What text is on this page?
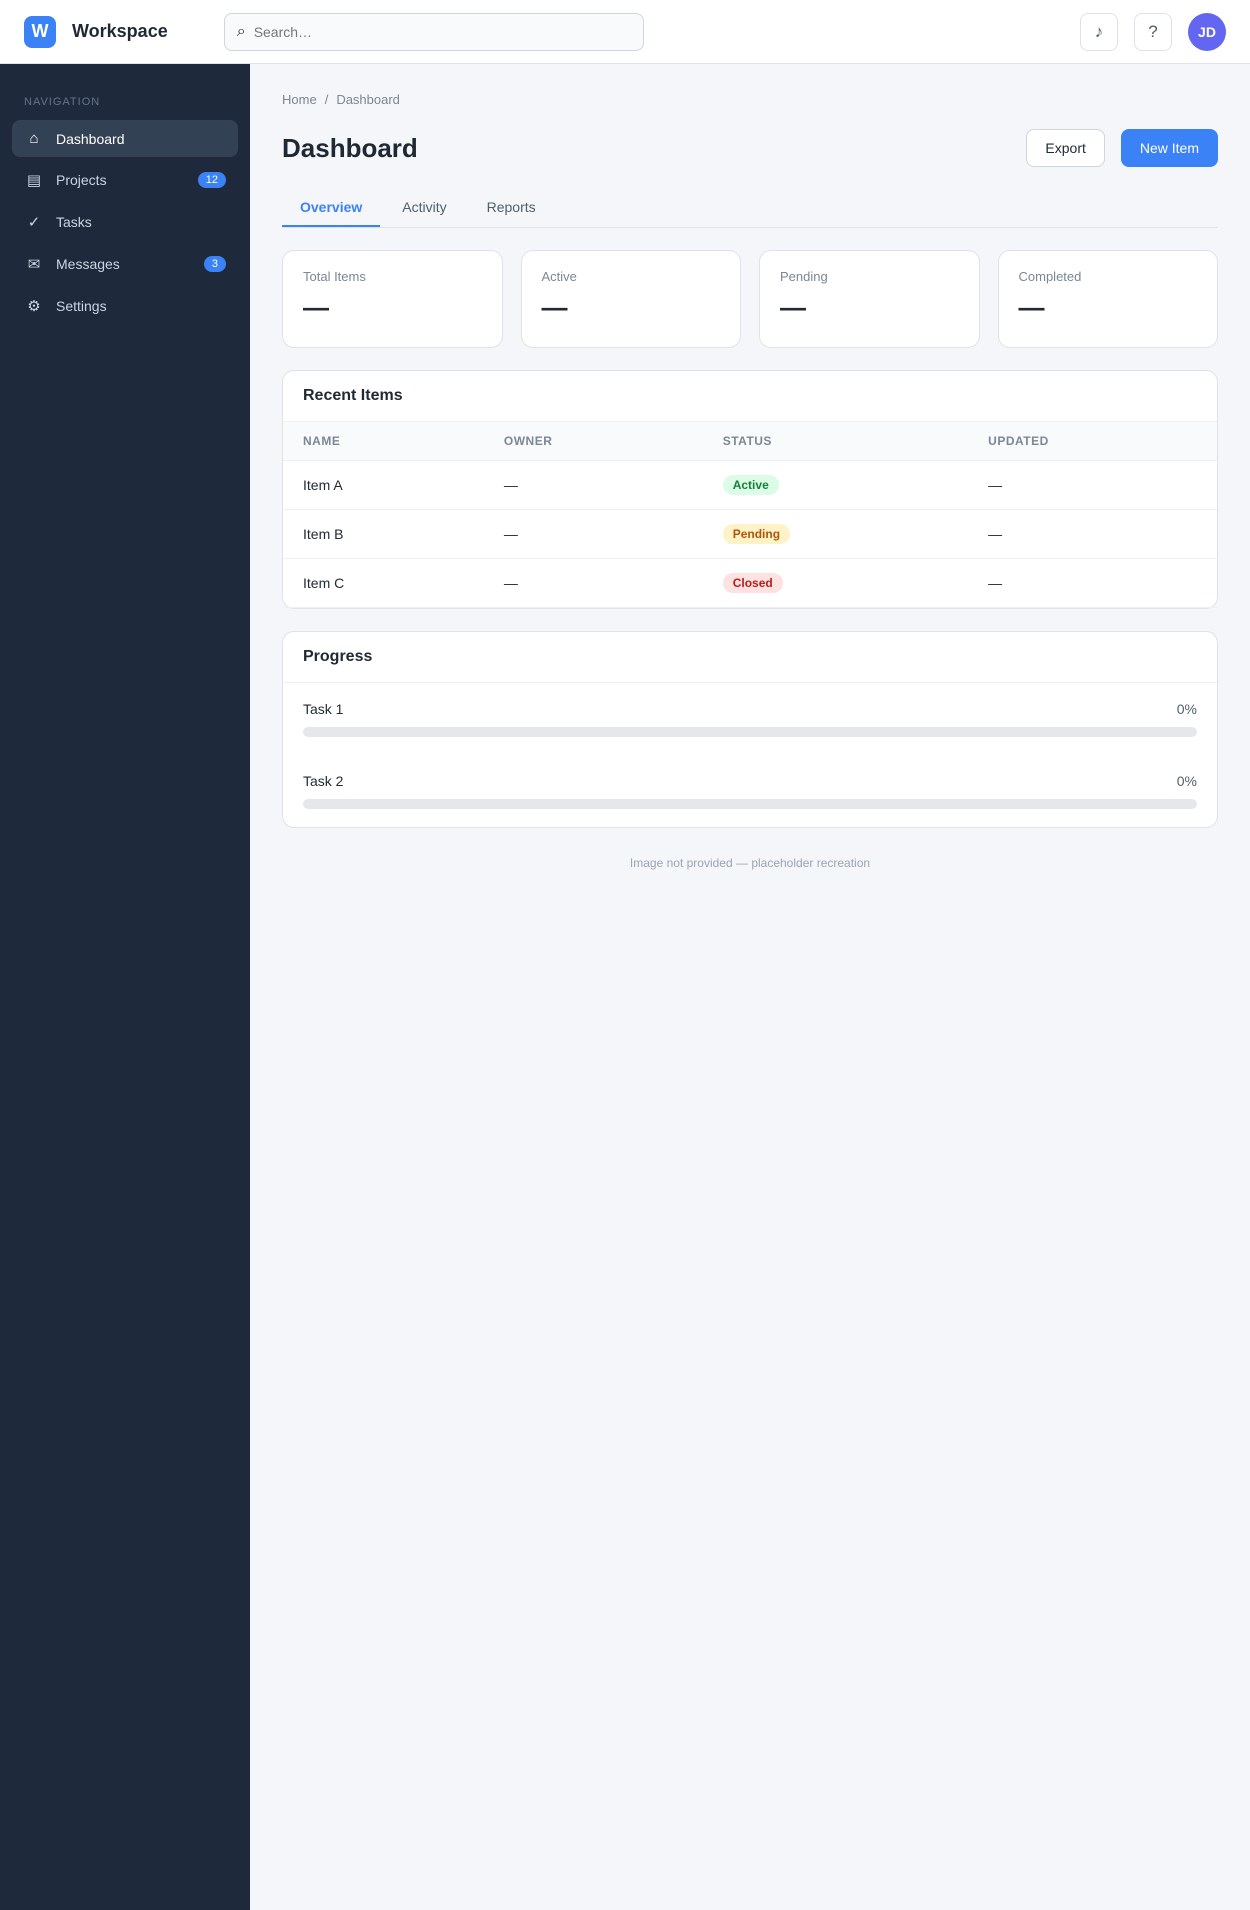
W	Workspace	⌕
Search…	♪	?	JD
NAVIGATION
⌂	Dashboard
▤ Projects	12
✓ Tasks
✉ Messages	3
⚙ Settings
Home / Dashboard
Dashboard	Export	New Item
Overview	Activity	Reports
Total Items
—
Active
—
Pending
—
Completed
—
Recent Items
NAME	OWNER	STATUS	UPDATED
Item A	—	Active	—
Item B	—	Pending	—
Item C	—	Closed	—
Progress
Task 1	0%
Task 2	0%
Image not provided — placeholder recreation
